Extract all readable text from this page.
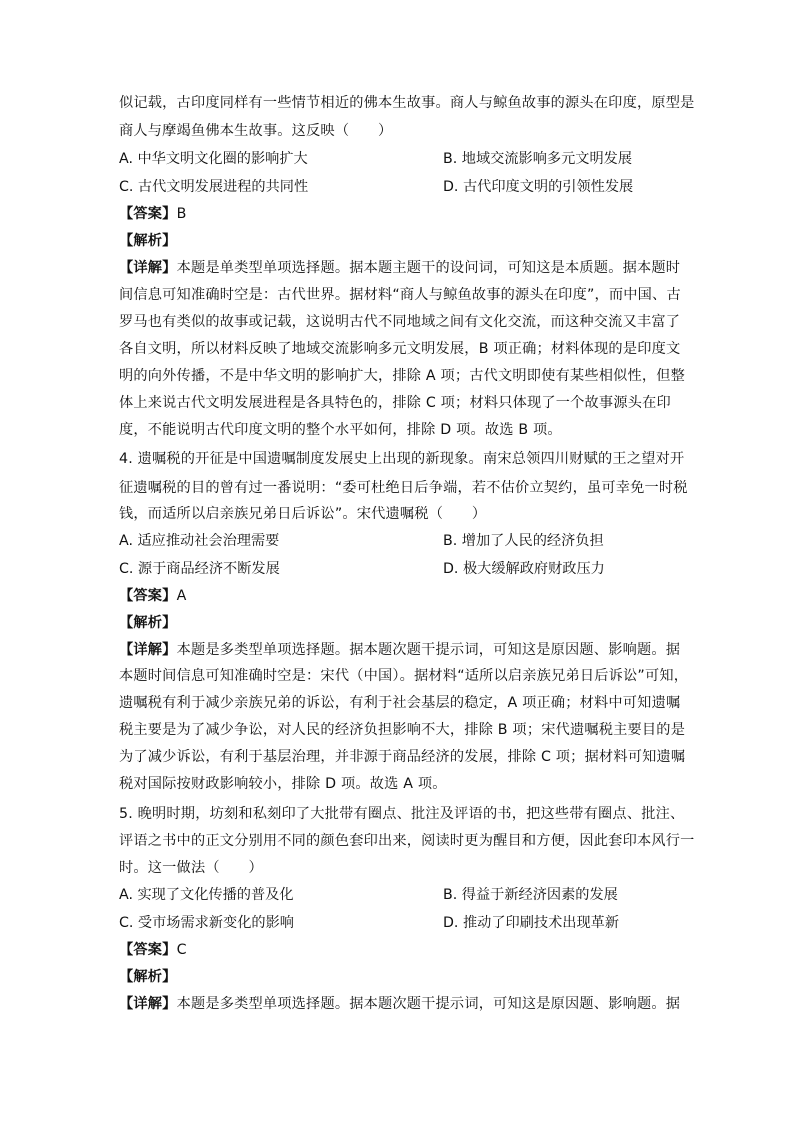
似记载，古印度同样有一些情节相近的佛本生故事。商人与鲸鱼故事的源头在印度，原型是
商人与摩竭鱼佛本生故事。这反映（　　）
A. 中华文明文化圈的影响扩大	B. 地域交流影响多元文明发展
C. 古代文明发展进程的共同性	D. 古代印度文明的引领性发展
【答案】B
【解析】
【详解】本题是单类型单项选择题。据本题主题干的设问词，可知这是本质题。据本题时
间信息可知准确时空是：古代世界。据材料“商人与鲸鱼故事的源头在印度”，而中国、古
罗马也有类似的故事或记载，这说明古代不同地域之间有文化交流，而这种交流又丰富了
各自文明，所以材料反映了地域交流影响多元文明发展，B 项正确；材料体现的是印度文
明的向外传播，不是中华文明的影响扩大，排除 A 项；古代文明即使有某些相似性，但整
体上来说古代文明发展进程是各具特色的，排除 C 项；材料只体现了一个故事源头在印
度，不能说明古代印度文明的整个水平如何，排除 D 项。故选 B 项。
4. 遗嘱税的开征是中国遗嘱制度发展史上出现的新现象。南宋总领四川财赋的王之望对开
征遗嘱税的目的曾有过一番说明：“委可杜绝日后争端，若不估价立契约，虽可幸免一时税
钱，而适所以启亲族兄弟日后诉讼”。宋代遗嘱税（　　）
A. 适应推动社会治理需要	B. 增加了人民的经济负担
C. 源于商品经济不断发展	D. 极大缓解政府财政压力
【答案】A
【解析】
【详解】本题是多类型单项选择题。据本题次题干提示词，可知这是原因题、影响题。据
本题时间信息可知准确时空是：宋代（中国）。据材料“适所以启亲族兄弟日后诉讼”可知，
遗嘱税有利于减少亲族兄弟的诉讼，有利于社会基层的稳定，A 项正确；材料中可知遗嘱
税主要是为了减少争讼，对人民的经济负担影响不大，排除 B 项；宋代遗嘱税主要目的是
为了减少诉讼，有利于基层治理，并非源于商品经济的发展，排除 C 项；据材料可知遗嘱
税对国际按财政影响较小，排除 D 项。故选 A 项。
5. 晚明时期，坊刻和私刻印了大批带有圈点、批注及评语的书，把这些带有圈点、批注、
评语之书中的正文分别用不同的颜色套印出来，阅读时更为醒目和方便，因此套印本风行一
时。这一做法（　　）
A. 实现了文化传播的普及化	B. 得益于新经济因素的发展
C. 受市场需求新变化的影响	D. 推动了印刷技术出现革新
【答案】C
【解析】
【详解】本题是多类型单项选择题。据本题次题干提示词，可知这是原因题、影响题。据
